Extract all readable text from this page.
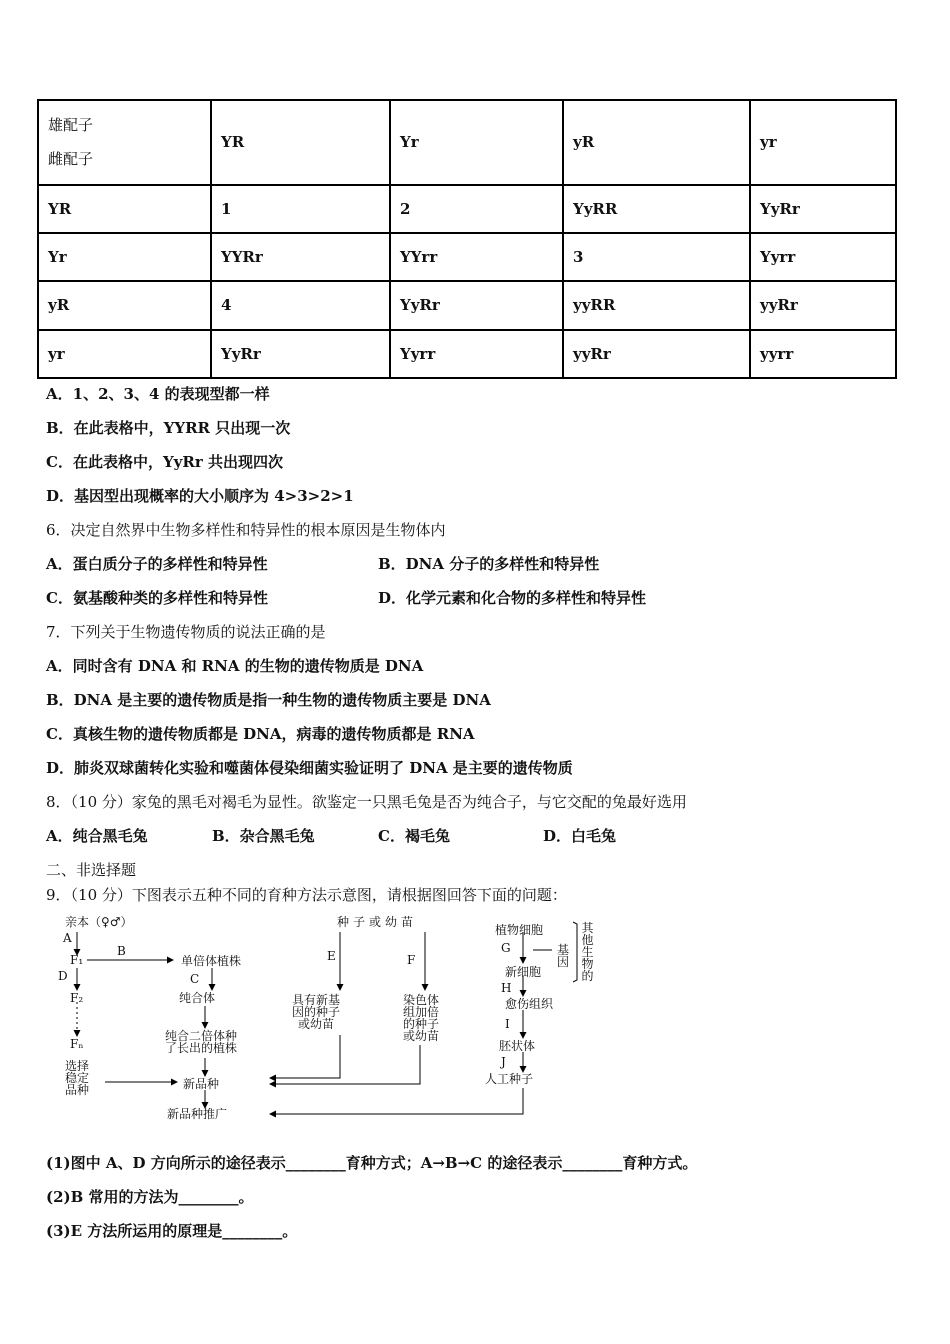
雄配子
雌配子	YR	Yr	yR	yr
YR	1	2	YyRR	YyRr
Yr	YYRr	YYrr	3	Yyrr
yR	4	YyRr	yyRR	yyRr
yr	YyRr	Yyrr	yyRr	yyrr
A．1、2、3、4 的表现型都一样
B．在此表格中，YYRR 只出现一次
C．在此表格中，YyRr 共出现四次
D．基因型出现概率的大小顺序为 4>3>2>1
6．决定自然界中生物多样性和特异性的根本原因是生物体内
A．蛋白质分子的多样性和特异性	B．DNA 分子的多样性和特异性
C．氨基酸种类的多样性和特异性	D．化学元素和化合物的多样性和特异性
7．下列关于生物遗传物质的说法正确的是
A．同时含有 DNA 和 RNA 的生物的遗传物质是 DNA
B．DNA 是主要的遗传物质是指一种生物的遗传物质主要是 DNA
C．真核生物的遗传物质都是 DNA，病毒的遗传物质都是 RNA
D．肺炎双球菌转化实验和噬菌体侵染细菌实验证明了 DNA 是主要的遗传物质
8．（10 分）家兔的黑毛对褐毛为显性。欲鉴定一只黑毛兔是否为纯合子，与它交配的兔最好选用
A．纯合黑毛兔	B．杂合黑毛兔	C．褐毛兔	D．白毛兔
二、非选择题
9．（10 分）下图表示五种不同的育种方法示意图，请根据图回答下面的问题：
亲本（♀♂）
A
F₁
B
D
F₂
Fₙ
选择
稳定
品种
单倍体植株
C
纯合体
纯合二倍体种
了长出的植株
新品种
新品种推广
种子或幼苗
E	F
具有新基
因的种子
或幼苗
染色体
组加倍
的种子
或幼苗
植物细胞
G	基
因
其他生物的
新细胞
H
愈伤组织
I
胚状体
J
人工种子
(1)图中 A、D 方向所示的途径表示________育种方式；A→B→C 的途径表示________育种方式。
(2)B 常用的方法为________。
(3)E 方法所运用的原理是________。
